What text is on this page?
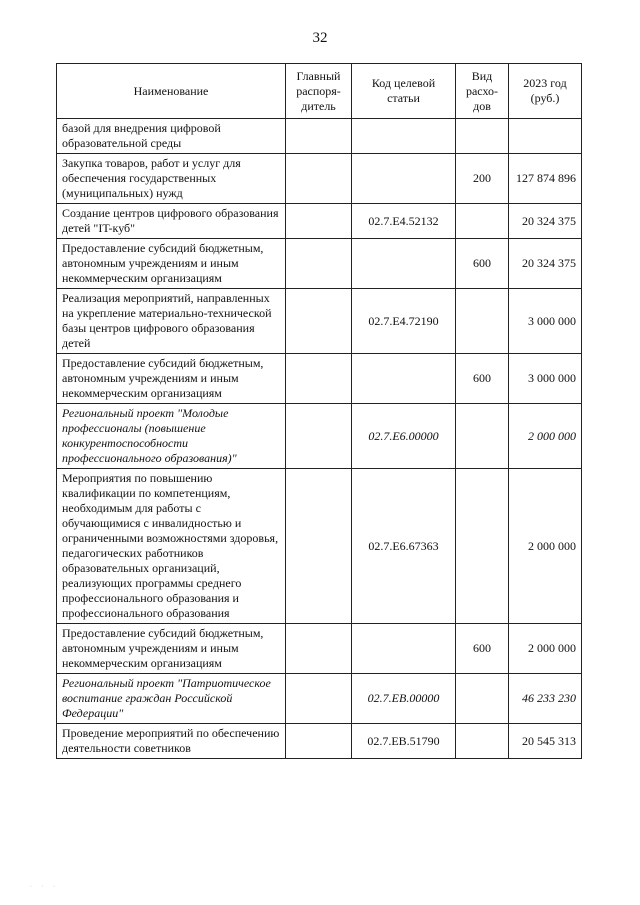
32
Наименование	Главный распоря-дитель	Код целевой статьи	Вид расхо-дов	2023 год (руб.)
базой для внедрения цифровой образовательной среды				
Закупка товаров, работ и услуг для обеспечения государственных (муниципальных) нужд			200	127 874 896
Создание центров цифрового образования детей "IT-куб"		02.7.Е4.52132		20 324 375
Предоставление субсидий бюджетным, автономным учреждениям и иным некоммерческим организациям			600	20 324 375
Реализация мероприятий, направленных на укрепление материально-технической базы центров цифрового образования детей		02.7.Е4.72190		3 000 000
Предоставление субсидий бюджетным, автономным учреждениям и иным некоммерческим организациям			600	3 000 000
Региональный проект "Молодые профессионалы (повышение конкурентоспособности профессионального образования)"		02.7.Е6.00000		2 000 000
Мероприятия по повышению квалификации по компетенциям, необходимым для работы с обучающимися с инвалидностью и ограниченными возможностями здоровья, педагогических работников образовательных организаций, реализующих программы среднего профессионального образования и профессионального образования		02.7.Е6.67363		2 000 000
Предоставление субсидий бюджетным, автономным учреждениям и иным некоммерческим организациям			600	2 000 000
Региональный проект "Патриотическое воспитание граждан Российской Федерации"		02.7.ЕВ.00000		46 233 230
Проведение мероприятий по обеспечению деятельности советников		02.7.ЕВ.51790		20 545 313
· · ·
